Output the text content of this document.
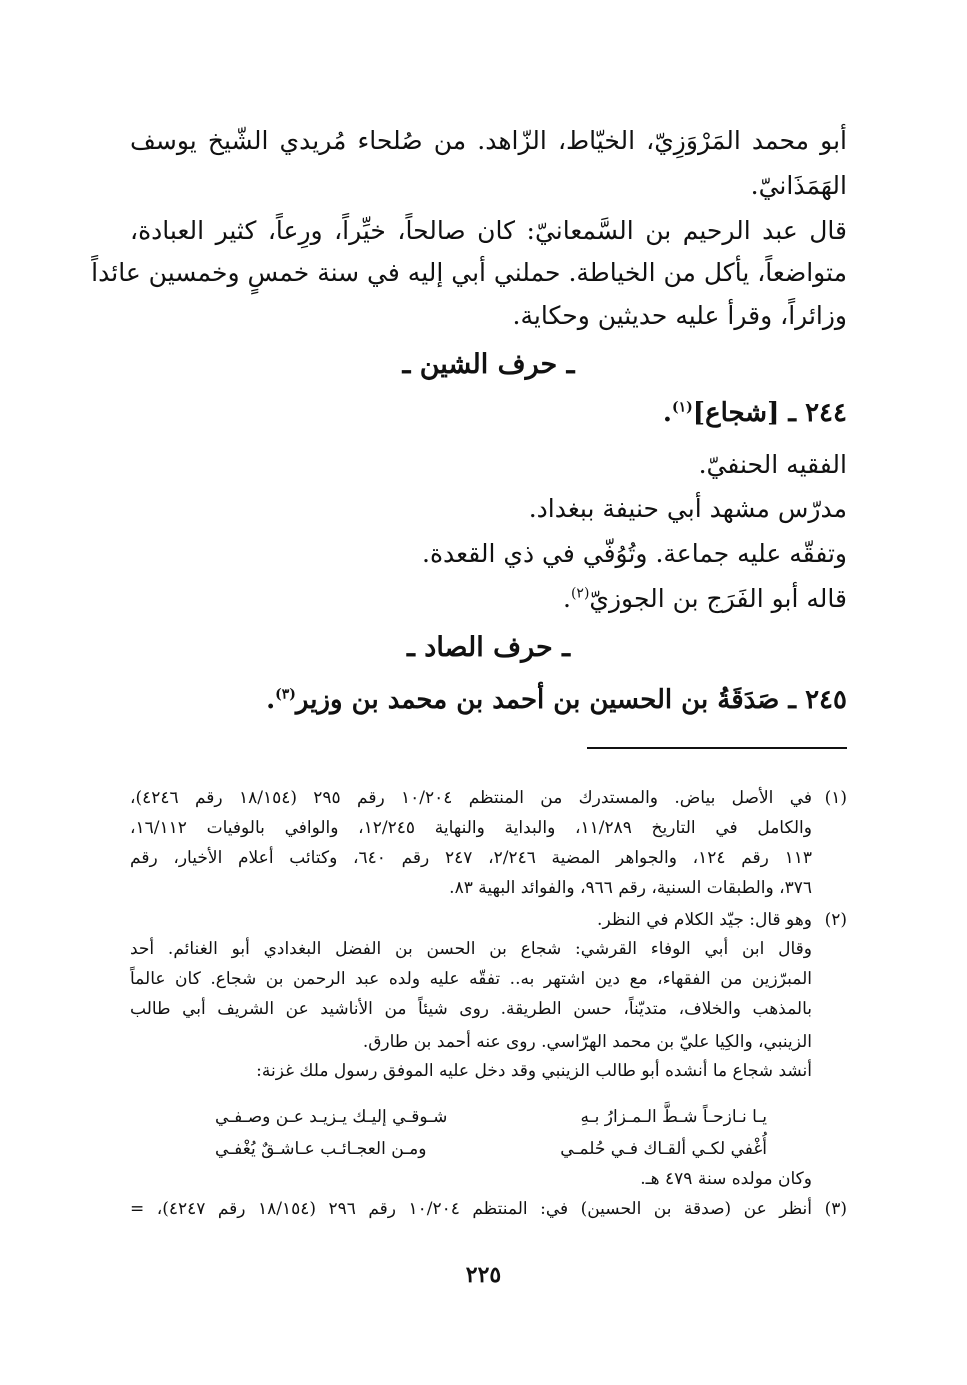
أبو محمد المَرْوَزِيّ، الخيّاط، الزّاهد. من صُلحاء مُريدي الشّيخ يوسف
الهَمَذَانيّ.
قال عبد الرحيم بن السَّمعانيّ: كان صالحاً، خيِّراً، ورِعاً، كثير العبادة،
متواضعاً، يأكل من الخياطة. حملني أبي إليه في سنة خمسٍ وخمسين عائداً
وزائراً، وقرأ عليه حديثين وحكاية.
ـ حرف الشين ـ
٢٤٤ ـ [شجاع]$^{(١)}$.
الفقيه الحنفيّ.
مدرّس مشهد أبي حنيفة ببغداد.
وتفقّه عليه جماعة. وتُوُفّي في ذي القعدة.
قاله أبو الفَرَج بن الجوزيّ$^{(٢)}$.
ـ حرف الصاد ـ
٢٤٥ ـ صَدَقَةُ بن الحسين بن أحمد بن محمد بن وزير$^{(٣)}$.
(١)
في الأصل بياض. والمستدرك من المنتظم ١٠/٢٠٤ رقم ٢٩٥ (١٨/١٥٤ رقم ٤٢٤٦)،
والكامل في التاريخ ١١/٢٨٩، والبداية والنهاية ١٢/٢٤٥، والوافي بالوفيات ١٦/١١٢،
١١٣ رقم ١٢٤، والجواهر المضية ٢/٢٤٦، ٢٤٧ رقم ٦٤٠، وكتائب أعلام الأخيار، رقم
٣٧٦، والطبقات السنية، رقم ٩٦٦، والفوائد البهية ٨٣.
(٢)
وهو قال: جيّد الكلام في النظر.
وقال ابن أبي الوفاء القرشي: شجاع بن الحسن بن الفضل البغدادي أبو الغنائم. أحد
المبرّزين من الفقهاء، مع دين اشتهر به.. تفقّه عليه ولده عبد الرحمن بن شجاع. كان عالماً
بالمذهب والخلاف، متديّناً، حسن الطريقة. روى شيئاً من الأناشيد عن الشريف أبي طالب
الزينبي، والكِيا عليّ بن محمد الهرّاسي. روى عنه أحمد بن طارق.
أنشد شجاع ما أنشده أبو طالب الزينبي وقد دخل عليه الموفق رسول ملك غزنة:
يـا نـازحـاً شـطَّ الـمـزارُ بـهِ
شـوقـي إليـك يـزيـد عـن وصـفـي
أُغْفي لكـي ألقـاك فـي حُلمـي
ومـن العجـائـب عـاشـقٌ يُغْفـي
وكان مولده سنة ٤٧٩ هـ.
(٣)
أنظر عن (صدقة بن الحسين) في: المنتظم ١٠/٢٠٤ رقم ٢٩٦ (١٨/١٥٤ رقم ٤٢٤٧)، =
٢٢٥
